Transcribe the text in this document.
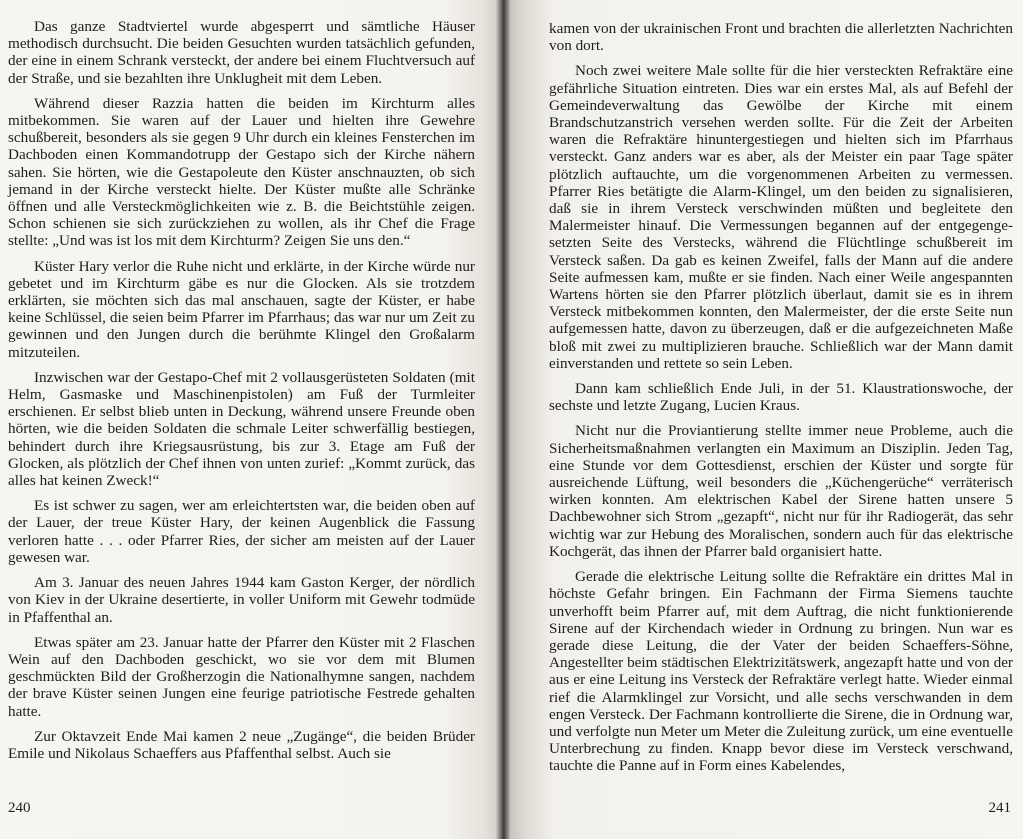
Das ganze Stadtviertel wurde abgesperrt und sämtliche Häuser methodisch durchsucht. Die beiden Gesuchten wurden tatsächlich gefunden, der eine in einem Schrank versteckt, der andere bei einem Fluchtversuch auf der Straße, und sie bezahlten ihre Unklugheit mit dem Leben.

Während dieser Razzia hatten die beiden im Kirchturm alles mitbekommen. Sie waren auf der Lauer und hielten ihre Gewehre schußbereit, besonders als sie gegen 9 Uhr durch ein kleines Fensterchen im Dachboden einen Kommandotrupp der Gestapo sich der Kirche nähern sahen. Sie hörten, wie die Gestapoleute den Küster anschnauzten, ob sich jemand in der Kirche versteckt hielte. Der Küster mußte alle Schränke öffnen und alle Versteckmöglichkeiten wie z. B. die Beichtstühle zeigen. Schon schienen sie sich zurückziehen zu wollen, als ihr Chef die Frage stellte: „Und was ist los mit dem Kirchturm? Zeigen Sie uns den.“

Küster Hary verlor die Ruhe nicht und erklärte, in der Kirche würde nur gebetet und im Kirchturm gäbe es nur die Glocken. Als sie trotzdem erklärten, sie möchten sich das mal anschauen, sagte der Küster, er habe keine Schlüssel, die seien beim Pfarrer im Pfarrhaus; das war nur um Zeit zu gewinnen und den Jungen durch die berühmte Klingel den Großalarm mitzuteilen.

Inzwischen war der Gestapo-Chef mit 2 vollausgerüsteten Soldaten (mit Helm, Gasmaske und Maschinenpistolen) am Fuß der Turmleiter erschienen. Er selbst blieb unten in Deckung, während unsere Freunde oben hörten, wie die beiden Soldaten die schmale Leiter schwerfällig bestiegen, behindert durch ihre Kriegsausrüstung, bis zur 3. Etage am Fuß der Glocken, als plötzlich der Chef ihnen von unten zurief: „Kommt zurück, das alles hat keinen Zweck!“

Es ist schwer zu sagen, wer am erleichtertsten war, die beiden oben auf der Lauer, der treue Küster Hary, der keinen Augenblick die Fassung verloren hatte . . . oder Pfarrer Ries, der sicher am meisten auf der Lauer gewesen war.

Am 3. Januar des neuen Jahres 1944 kam Gaston Kerger, der nördlich von Kiev in der Ukraine desertierte, in voller Uniform mit Gewehr todmüde in Pfaffenthal an.

Etwas später am 23. Januar hatte der Pfarrer den Küster mit 2 Flaschen Wein auf den Dachboden geschickt, wo sie vor dem mit Blumen geschmückten Bild der Großherzogin die Nationalhymne sangen, nachdem der brave Küster seinen Jungen eine feurige patriotische Festrede gehalten hatte.

Zur Oktavzeit Ende Mai kamen 2 neue „Zugänge“, die beiden Brüder Emile und Nikolaus Schaeffers aus Pfaffenthal selbst. Auch sie

240

kamen von der ukrainischen Front und brachten die allerletzten Nachrichten von dort.

Noch zwei weitere Male sollte für die hier versteckten Refraktäre eine gefährliche Situation eintreten. Dies war ein erstes Mal, als auf Befehl der Gemeindeverwaltung das Gewölbe der Kirche mit einem Brandschutzanstrich versehen werden sollte. Für die Zeit der Arbeiten waren die Refraktäre hinuntergestiegen und hielten sich im Pfarrhaus versteckt. Ganz anders war es aber, als der Meister ein paar Tage später plötzlich auftauchte, um die vorgenommenen Arbeiten zu vermessen. Pfarrer Ries betätigte die Alarm-Klingel, um den beiden zu signalisieren, daß sie in ihrem Versteck verschwinden müßten und begleitete den Malermeister hinauf. Die Vermessungen begannen auf der entgegengesetzten Seite des Verstecks, während die Flüchtlinge schußbereit im Versteck saßen. Da gab es keinen Zweifel, falls der Mann auf die andere Seite aufmessen kam, mußte er sie finden. Nach einer Weile angespannten Wartens hörten sie den Pfarrer plötzlich überlaut, damit sie es in ihrem Versteck mitbekommen konnten, den Malermeister, der die erste Seite nun aufgemessen hatte, davon zu überzeugen, daß er die aufgezeichneten Maße bloß mit zwei zu multiplizieren brauche. Schließlich war der Mann damit einverstanden und rettete so sein Leben.

Dann kam schließlich Ende Juli, in der 51. Klaustrationswoche, der sechste und letzte Zugang, Lucien Kraus.

Nicht nur die Proviantierung stellte immer neue Probleme, auch die Sicherheitsmaßnahmen verlangten ein Maximum an Disziplin. Jeden Tag, eine Stunde vor dem Gottesdienst, erschien der Küster und sorgte für ausreichende Lüftung, weil besonders die „Küchengerüche“ verräterisch wirken konnten. Am elektrischen Kabel der Sirene hatten unsere 5 Dachbewohner sich Strom „gezapft“, nicht nur für ihr Radiogerät, das sehr wichtig war zur Hebung des Moralischen, sondern auch für das elektrische Kochgerät, das ihnen der Pfarrer bald organisiert hatte.

Gerade die elektrische Leitung sollte die Refraktäre ein drittes Mal in höchste Gefahr bringen. Ein Fachmann der Firma Siemens tauchte unverhofft beim Pfarrer auf, mit dem Auftrag, die nicht funktionierende Sirene auf der Kirchendach wieder in Ordnung zu bringen. Nun war es gerade diese Leitung, die der Vater der beiden Schaeffers-Söhne, Angestellter beim städtischen Elektrizitätswerk, angezapft hatte und von der aus er eine Leitung ins Versteck der Refraktäre verlegt hatte. Wieder einmal rief die Alarmklingel zur Vorsicht, und alle sechs verschwanden in dem engen Versteck. Der Fachmann kontrollierte die Sirene, die in Ordnung war, und verfolgte nun Meter um Meter die Zuleitung zurück, um eine eventuelle Unterbrechung zu finden. Knapp bevor diese im Versteck verschwand, tauchte die Panne auf in Form eines Kabelendes,

241
